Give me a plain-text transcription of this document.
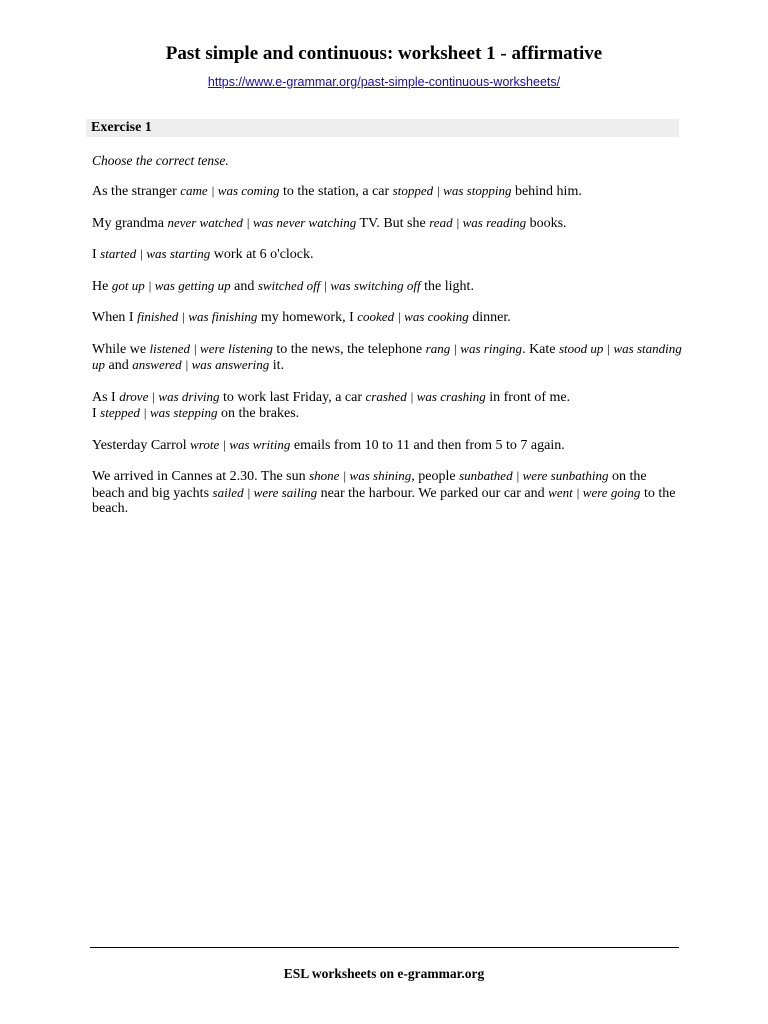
Past simple and continuous: worksheet 1 - affirmative
https://www.e-grammar.org/past-simple-continuous-worksheets/
Exercise 1
Choose the correct tense.
As the stranger came | was coming to the station, a car stopped | was stopping behind him.
My grandma never watched | was never watching TV. But she read | was reading books.
I started | was starting work at 6 o'clock.
He got up | was getting up and switched off | was switching off the light.
When I finished | was finishing my homework, I cooked | was cooking dinner.
While we listened | were listening to the news, the telephone rang | was ringing. Kate stood up | was standing up and answered | was answering it.
As I drove | was driving to work last Friday, a car crashed | was crashing in front of me.
I stepped | was stepping on the brakes.
Yesterday Carrol wrote | was writing emails from 10 to 11 and then from 5 to 7 again.
We arrived in Cannes at 2.30. The sun shone | was shining, people sunbathed | were sunbathing on the beach and big yachts sailed | were sailing near the harbour. We parked our car and went | were going to the beach.
ESL worksheets on e-grammar.org
